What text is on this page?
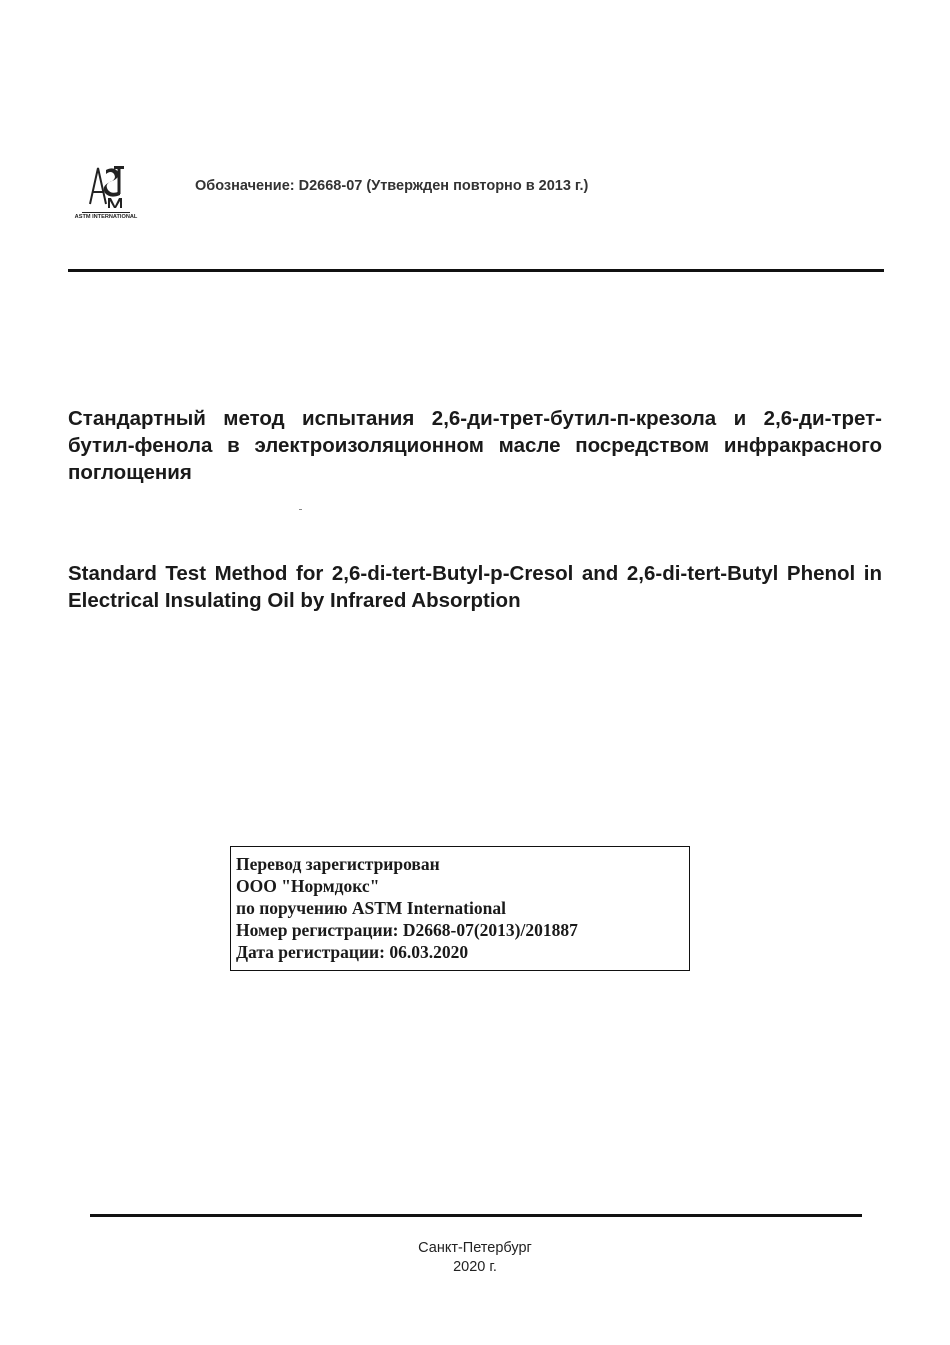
ASTM INTERNATIONAL
Обозначение: D2668-07 (Утвержден повторно в 2013 г.)
Стандартный метод испытания 2,6-ди-трет-бутил-п-крезола и 2,6-ди-трет-бутил-фенола в электроизоляционном масле посредством инфракрасного поглощения
Standard Test Method for 2,6-di-tert-Butyl-p-Cresol and 2,6-di-tert-Butyl Phenol in Electrical Insulating Oil by Infrared Absorption
Перевод зарегистрирован
ООО "Нормдокс"
по поручению ASTM International
Номер регистрации: D2668-07(2013)/201887
Дата регистрации: 06.03.2020
Санкт-Петербург
2020 г.
